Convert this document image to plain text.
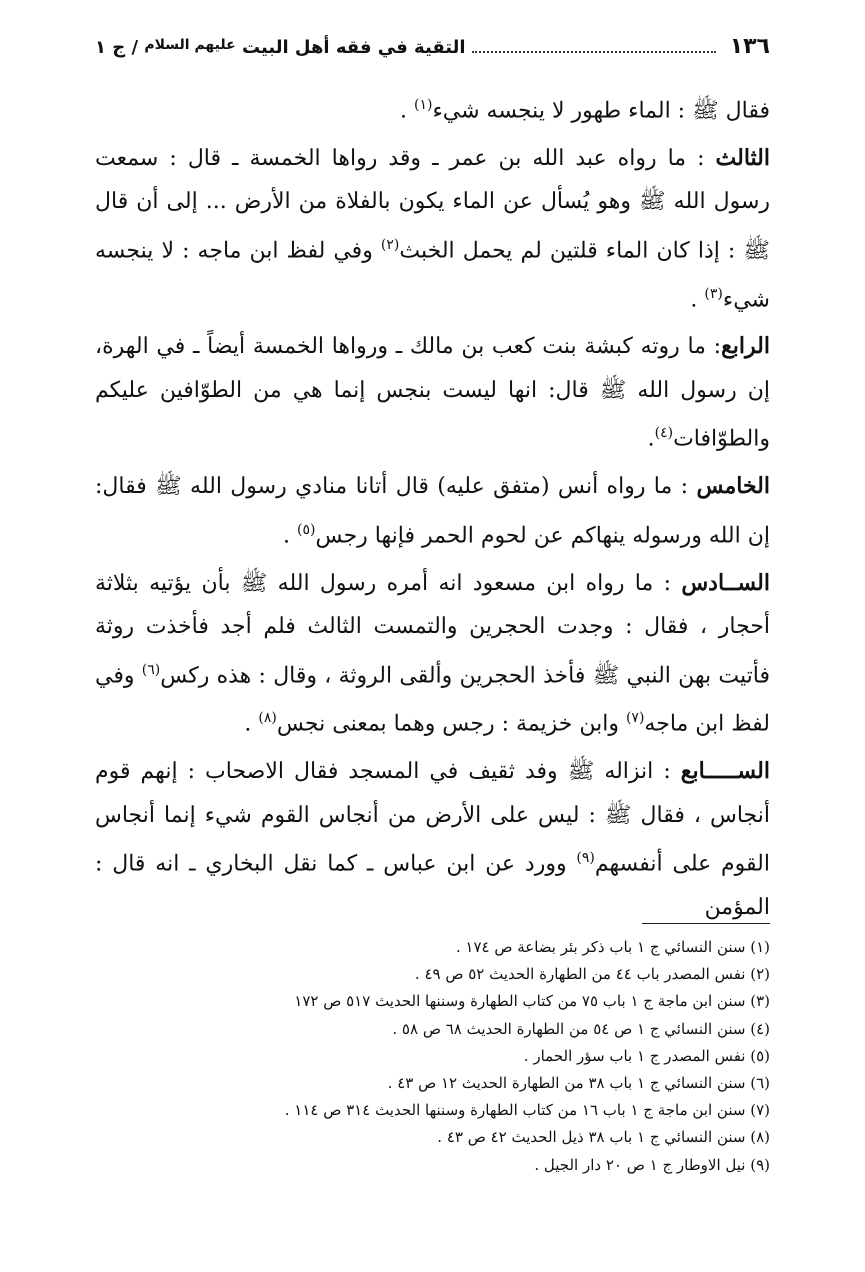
١٣٦
التقية في فقه أهل البيت $^{عليهم السلام}$ / ج ١

فقال ﷺ : الماء طهور لا ينجسه شيء$^{(١)}$ .

الثالث : ما رواه عبد الله بن عمر ـ وقد رواها الخمسة ـ قال : سمعت رسول الله ﷺ وهو يُسأل عن الماء يكون بالفلاة من الأرض ... إلى أن قال ﷺ : إذا كان الماء قلتين لم يحمل الخبث$^{(٢)}$ وفي لفظ ابن ماجه : لا ينجسه شيء$^{(٣)}$ .

الرابع: ما روته كبشة بنت كعب بن مالك ـ ورواها الخمسة أيضاً ـ في الهرة، إن رسول الله ﷺ قال: انها ليست بنجس إنما هي من الطوّافين عليكم والطوّافات$^{(٤)}$.

الخامس : ما رواه أنس (متفق عليه) قال أتانا منادي رسول الله ﷺ فقال: إن الله ورسوله ينهاكم عن لحوم الحمر فإنها رجس$^{(٥)}$ .

الســادس : ما رواه ابن مسعود انه أمره رسول الله ﷺ بأن يؤتيه بثلاثة أحجار ، فقال : وجدت الحجرين والتمست الثالث فلم أجد فأخذت روثة فأتيت بهن النبي ﷺ فأخذ الحجرين وألقى الروثة ، وقال : هذه ركس$^{(٦)}$ وفي لفظ ابن ماجه$^{(٧)}$ وابن خزيمة : رجس وهما بمعنى نجس$^{(٨)}$ .

الســـــابع : انزاله ﷺ وفد ثقيف في المسجد فقال الاصحاب : إنهم قوم أنجاس ، فقال ﷺ : ليس على الأرض من أنجاس القوم شيء إنما أنجاس القوم على أنفسهم$^{(٩)}$ وورد عن ابن عباس ـ كما نقل البخاري ـ انه قال : المؤمن

(١) سنن النسائي ج ١ باب ذكر بئر بضاعة ص ١٧٤ .
(٢) نفس المصدر باب ٤٤ من الطهارة الحديث ٥٢ ص ٤٩ .
(٣) سنن ابن ماجة ج ١ باب ٧٥ من كتاب الطهارة وسننها الحديث ٥١٧ ص ١٧٢
(٤) سنن النسائي ج ١ ص ٥٤ من الطهارة الحديث ٦٨ ص ٥٨ .
(٥) نفس المصدر ج ١ باب سؤر الحمار .
(٦) سنن النسائي ج ١ باب ٣٨ من الطهارة الحديث ١٢ ص ٤٣ .
(٧) سنن ابن ماجة ج ١ باب ١٦ من كتاب الطهارة وسننها الحديث ٣١٤ ص ١١٤ .
(٨) سنن النسائي ج ١ باب ٣٨ ذيل الحديث ٤٢ ص ٤٣ .
(٩) نيل الاوطار ج ١ ص ٢٠ دار الجيل .
